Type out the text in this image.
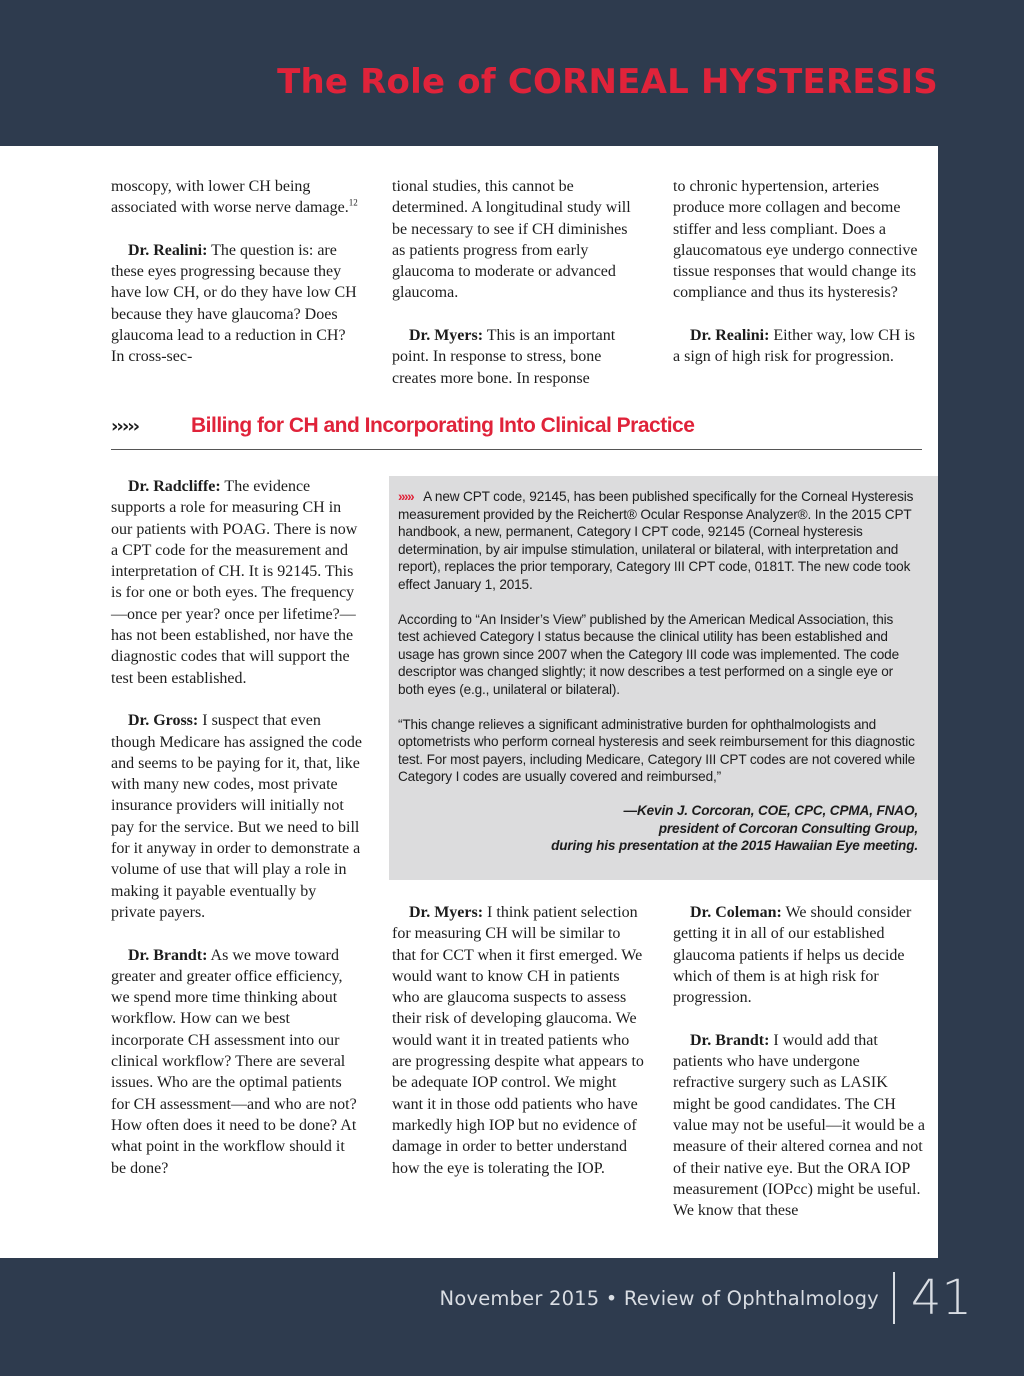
The Role of CORNEAL HYSTERESIS

moscopy, with lower CH being associated with worse nerve damage.$^{12}$

Dr. Realini: The question is: are these eyes progressing because they have low CH, or do they have low CH because they have glaucoma? Does glaucoma lead to a reduction in CH? In cross-sec-

tional studies, this cannot be determined. A longitudinal study will be necessary to see if CH diminishes as patients progress from early glaucoma to moderate or advanced glaucoma.

Dr. Myers: This is an important point. In response to stress, bone creates more bone. In response

to chronic hypertension, arteries produce more collagen and become stiffer and less compliant. Does a glaucomatous eye undergo connective tissue responses that would change its compliance and thus its hysteresis?

Dr. Realini: Either way, low CH is a sign of high risk for progression.

›››››	Billing for CH and Incorporating Into Clinical Practice

Dr. Radcliffe: The evidence supports a role for measuring CH in our patients with POAG. There is now a CPT code for the measurement and interpretation of CH. It is 92145. This is for one or both eyes. The frequency—once per year? once per lifetime?—has not been established, nor have the diagnostic codes that will support the test been established.

Dr. Gross: I suspect that even though Medicare has assigned the code and seems to be paying for it, that, like with many new codes, most private insurance providers will initially not pay for the service. But we need to bill for it anyway in order to demonstrate a volume of use that will play a role in making it payable eventually by private payers.

Dr. Brandt: As we move toward greater and greater office efficiency, we spend more time thinking about workflow. How can we best incorporate CH assessment into our clinical workflow? There are several issues. Who are the optimal patients for CH assessment—and who are not? How often does it need to be done? At what point in the workflow should it be done?

››››› A new CPT code, 92145, has been published specifically for the Corneal Hysteresis measurement provided by the Reichert® Ocular Response Analyzer®. In the 2015 CPT handbook, a new, permanent, Category I CPT code, 92145 (Corneal hysteresis determination, by air impulse stimulation, unilateral or bilateral, with interpretation and report), replaces the prior temporary, Category III CPT code, 0181T. The new code took effect January 1, 2015.

According to “An Insider’s View” published by the American Medical Association, this test achieved Category I status because the clinical utility has been established and usage has grown since 2007 when the Category III code was implemented. The code descriptor was changed slightly; it now describes a test performed on a single eye or both eyes (e.g., unilateral or bilateral).

“This change relieves a significant administrative burden for ophthalmologists and optometrists who perform corneal hysteresis and seek reimbursement for this diagnostic test. For most payers, including Medicare, Category III CPT codes are not covered while Category I codes are usually covered and reimbursed,”

—Kevin J. Corcoran, COE, CPC, CPMA, FNAO,
president of Corcoran Consulting Group,
during his presentation at the 2015 Hawaiian Eye meeting.

Dr. Myers: I think patient selection for measuring CH will be similar to that for CCT when it first emerged. We would want to know CH in patients who are glaucoma suspects to assess their risk of developing glaucoma. We would want it in treated patients who are progressing despite what appears to be adequate IOP control. We might want it in those odd patients who have markedly high IOP but no evidence of damage in order to better understand how the eye is tolerating the IOP.

Dr. Coleman: We should consider getting it in all of our established glaucoma patients if helps us decide which of them is at high risk for progression.

Dr. Brandt: I would add that patients who have undergone refractive surgery such as LASIK might be good candidates. The CH value may not be useful—it would be a measure of their altered cornea and not of their native eye. But the ORA IOP measurement (IOPcc) might be useful. We know that these

November 2015 • Review of Ophthalmology 41
